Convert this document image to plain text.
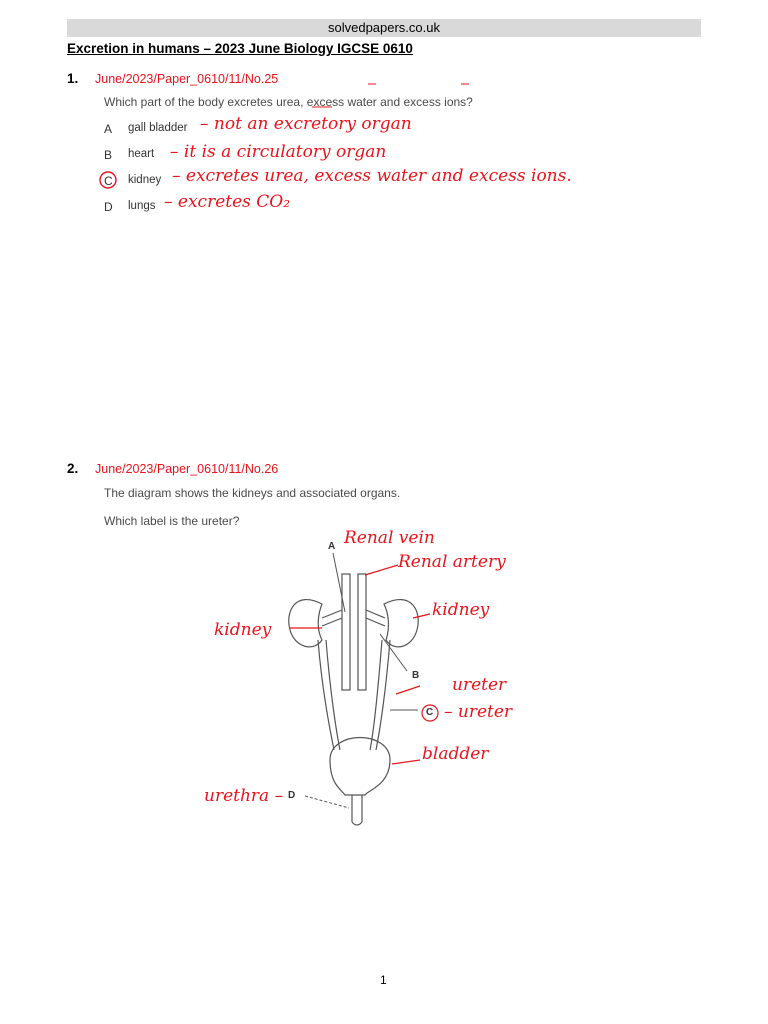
solvedpapers.co.uk
Excretion in humans – 2023 June Biology IGCSE 0610
1. June/2023/Paper_0610/11/No.25
Which part of the body excretes urea, excess water and excess ions?
A gall bladder – not an excretory organ
B heart – it is a circulatory organ
C kidney – excretes urea, excess water and excess ions.
D lungs – excretes CO₂
2. June/2023/Paper_0610/11/No.26
The diagram shows the kidneys and associated organs.
Which label is the ureter?
A
B
C
D
Renal vein
Renal artery
kidney
kidney
ureter
– ureter
bladder
urethra –
1
